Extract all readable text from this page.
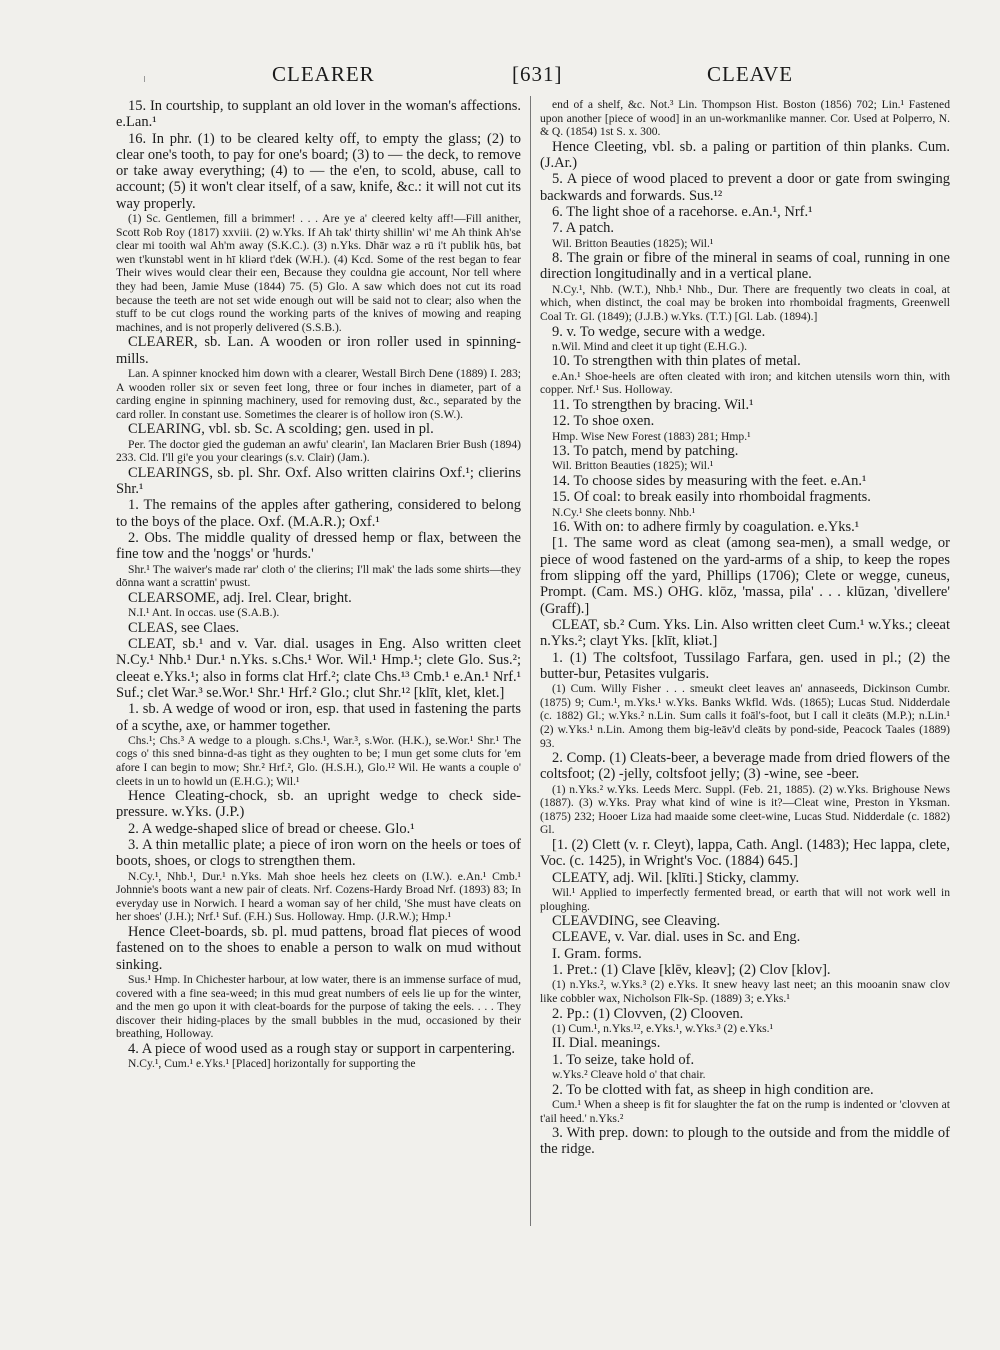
CLEARER	[631]	CLEAVE

15. In courtship, to supplant an old lover in the woman's affections. e.Lan.¹

16. In phr. (1) to be cleared kelty off, to empty the glass; (2) to clear one's tooth, to pay for one's board; (3) to — the deck, to remove or take away everything; (4) to — the e'en, to scold, abuse, call to account; (5) it won't clear itself, of a saw, knife, &c.: it will not cut its way properly.

(1) Sc. Gentlemen, fill a brimmer! . . . Are ye a' cleered kelty aff!—Fill anither, Scott Rob Roy (1817) xxviii. (2) w.Yks. If Ah tak' thirty shillin' wi' me Ah think Ah'se clear mi tooith wal Ah'm away (S.K.C.). (3) n.Yks. Dhār waz ə rū i't publik hūs, bət wen t'kunstəbl went in hī kliərd t'dek (W.H.). (4) Kcd. Some of the rest began to fear Their wives would clear their een, Because they couldna gie account, Nor tell where they had been, Jamie Muse (1844) 75. (5) Glo. A saw which does not cut its road because the teeth are not set wide enough out will be said not to clear; also when the stuff to be cut clogs round the working parts of the knives of mowing and reaping machines, and is not properly delivered (S.S.B.).

CLEARER, sb. Lan. A wooden or iron roller used in spinning-mills.

Lan. A spinner knocked him down with a clearer, Westall Birch Dene (1889) I. 283; A wooden roller six or seven feet long, three or four inches in diameter, part of a carding engine in spinning machinery, used for removing dust, &c., separated by the card roller. In constant use. Sometimes the clearer is of hollow iron (S.W.).

CLEARING, vbl. sb. Sc. A scolding; gen. used in pl.

Per. The doctor gied the gudeman an awfu' clearin', Ian Maclaren Brier Bush (1894) 233. Cld. I'll gi'e you your clearings (s.v. Clair) (Jam.).

CLEARINGS, sb. pl. Shr. Oxf. Also written clairins Oxf.¹; clierins Shr.¹

1. The remains of the apples after gathering, considered to belong to the boys of the place. Oxf. (M.A.R.); Oxf.¹

2. Obs. The middle quality of dressed hemp or flax, between the fine tow and the 'noggs' or 'hurds.'

Shr.¹ The waiver's made rar' cloth o' the clierins; I'll mak' the lads some shirts—they dōnna want a scrattin' pwust.

CLEARSOME, adj. Irel. Clear, bright.

N.I.¹ Ant. In occas. use (S.A.B.).

CLEAS, see Claes.

CLEAT, sb.¹ and v. Var. dial. usages in Eng. Also written cleet N.Cy.¹ Nhb.¹ Dur.¹ n.Yks. s.Chs.¹ Wor. Wil.¹ Hmp.¹; clete Glo. Sus.²; cleeat e.Yks.¹; also in forms clat Hrf.²; clate Chs.¹³ Cmb.¹ e.An.¹ Nrf.¹ Suf.; clet War.³ se.Wor.¹ Shr.¹ Hrf.² Glo.; clut Shr.¹² [klīt, klet, klet.]

1. sb. A wedge of wood or iron, esp. that used in fastening the parts of a scythe, axe, or hammer together.

Chs.¹; Chs.³ A wedge to a plough. s.Chs.¹, War.³, s.Wor. (H.K.), se.Wor.¹ Shr.¹ The cogs o' this sned binna-d-as tight as they oughten to be; I mun get some cluts for 'em afore I can begin to mow; Shr.² Hrf.², Glo. (H.S.H.), Glo.¹² Wil. He wants a couple o' cleets in un to howld un (E.H.G.); Wil.¹

Hence Cleating-chock, sb. an upright wedge to check side-pressure. w.Yks. (J.P.)

2. A wedge-shaped slice of bread or cheese. Glo.¹

3. A thin metallic plate; a piece of iron worn on the heels or toes of boots, shoes, or clogs to strengthen them.

N.Cy.¹, Nhb.¹, Dur.¹ n.Yks. Mah shoe heels hez cleets on (I.W.). e.An.¹ Cmb.¹ Johnnie's boots want a new pair of cleats. Nrf. Cozens-Hardy Broad Nrf. (1893) 83; In everyday use in Norwich. I heard a woman say of her child, 'She must have cleats on her shoes' (J.H.); Nrf.¹ Suf. (F.H.) Sus. Holloway. Hmp. (J.R.W.); Hmp.¹

Hence Cleet-boards, sb. pl. mud pattens, broad flat pieces of wood fastened on to the shoes to enable a person to walk on mud without sinking.

Sus.¹ Hmp. In Chichester harbour, at low water, there is an immense surface of mud, covered with a fine sea-weed; in this mud great numbers of eels lie up for the winter, and the men go upon it with cleat-boards for the purpose of taking the eels. . . . They discover their hiding-places by the small bubbles in the mud, occasioned by their breathing, Holloway.

4. A piece of wood used as a rough stay or support in carpentering.

N.Cy.¹, Cum.¹ e.Yks.¹ [Placed] horizontally for supporting the

end of a shelf, &c. Not.³ Lin. Thompson Hist. Boston (1856) 702; Lin.¹ Fastened upon another [piece of wood] in an un-workmanlike manner. Cor. Used at Polperro, N. & Q. (1854) 1st S. x. 300.

Hence Cleeting, vbl. sb. a paling or partition of thin planks. Cum. (J.Ar.)

5. A piece of wood placed to prevent a door or gate from swinging backwards and forwards. Sus.¹²

6. The light shoe of a racehorse. e.An.¹, Nrf.¹

7. A patch.

Wil. Britton Beauties (1825); Wil.¹

8. The grain or fibre of the mineral in seams of coal, running in one direction longitudinally and in a vertical plane.

N.Cy.¹, Nhb. (W.T.), Nhb.¹ Nhb., Dur. There are frequently two cleats in coal, at which, when distinct, the coal may be broken into rhomboidal fragments, Greenwell Coal Tr. Gl. (1849); (J.J.B.) w.Yks. (T.T.) [Gl. Lab. (1894).]

9. v. To wedge, secure with a wedge.

n.Wil. Mind and cleet it up tight (E.H.G.).

10. To strengthen with thin plates of metal.

e.An.¹ Shoe-heels are often cleated with iron; and kitchen utensils worn thin, with copper. Nrf.¹ Sus. Holloway.

11. To strengthen by bracing. Wil.¹

12. To shoe oxen.

Hmp. Wise New Forest (1883) 281; Hmp.¹

13. To patch, mend by patching.

Wil. Britton Beauties (1825); Wil.¹

14. To choose sides by measuring with the feet. e.An.¹

15. Of coal: to break easily into rhomboidal fragments.

N.Cy.¹ She cleets bonny. Nhb.¹

16. With on: to adhere firmly by coagulation. e.Yks.¹

[1. The same word as cleat (among sea-men), a small wedge, or piece of wood fastened on the yard-arms of a ship, to keep the ropes from slipping off the yard, Phillips (1706); Clete or wegge, cuneus, Prompt. (Cam. MS.) OHG. klōz, 'massa, pila' . . . klūzan, 'divellere' (Graff).]

CLEAT, sb.² Cum. Yks. Lin. Also written cleet Cum.¹ w.Yks.; cleeat n.Yks.²; clayt Yks. [klīt, kliət.]

1. (1) The coltsfoot, Tussilago Farfara, gen. used in pl.; (2) the butter-bur, Petasites vulgaris.

(1) Cum. Willy Fisher . . . smeukt cleet leaves an' annaseeds, Dickinson Cumbr. (1875) 9; Cum.¹, m.Yks.¹ w.Yks. Banks Wkfld. Wds. (1865); Lucas Stud. Nidderdale (c. 1882) Gl.; w.Yks.² n.Lin. Sum calls it foāl's-foot, but I call it cleāts (M.P.); n.Lin.¹ (2) w.Yks.¹ n.Lin. Among them big-leāv'd cleāts by pond-side, Peacock Taales (1889) 93.

2. Comp. (1) Cleats-beer, a beverage made from dried flowers of the coltsfoot; (2) -jelly, coltsfoot jelly; (3) -wine, see -beer.

(1) n.Yks.² w.Yks. Leeds Merc. Suppl. (Feb. 21, 1885). (2) w.Yks. Brighouse News (1887). (3) w.Yks. Pray what kind of wine is it?—Cleat wine, Preston in Yksman. (1875) 232; Hooer Liza had maaide some cleet-wine, Lucas Stud. Nidderdale (c. 1882) Gl.

[1. (2) Clett (v. r. Cleyt), lappa, Cath. Angl. (1483); Hec lappa, clete, Voc. (c. 1425), in Wright's Voc. (1884) 645.]

CLEATY, adj. Wil. [klīti.] Sticky, clammy.

Wil.¹ Applied to imperfectly fermented bread, or earth that will not work well in ploughing.

CLEAVDING, see Cleaving.

CLEAVE, v. Var. dial. uses in Sc. and Eng.

I. Gram. forms.

1. Pret.: (1) Clave [klēv, kleəv]; (2) Clov [klov].

(1) n.Yks.², w.Yks.³ (2) e.Yks. It snew heavy last neet; an this mooanin snaw clov like cobbler wax, Nicholson Flk-Sp. (1889) 3; e.Yks.¹

2. Pp.: (1) Clovven, (2) Clooven.

(1) Cum.¹, n.Yks.¹², e.Yks.¹, w.Yks.³ (2) e.Yks.¹

II. Dial. meanings.

1. To seize, take hold of.

w.Yks.² Cleave hold o' that chair.

2. To be clotted with fat, as sheep in high condition are.

Cum.¹ When a sheep is fit for slaughter the fat on the rump is indented or 'clovven at t'ail heed.' n.Yks.²

3. With prep. down: to plough to the outside and from the middle of the ridge.
